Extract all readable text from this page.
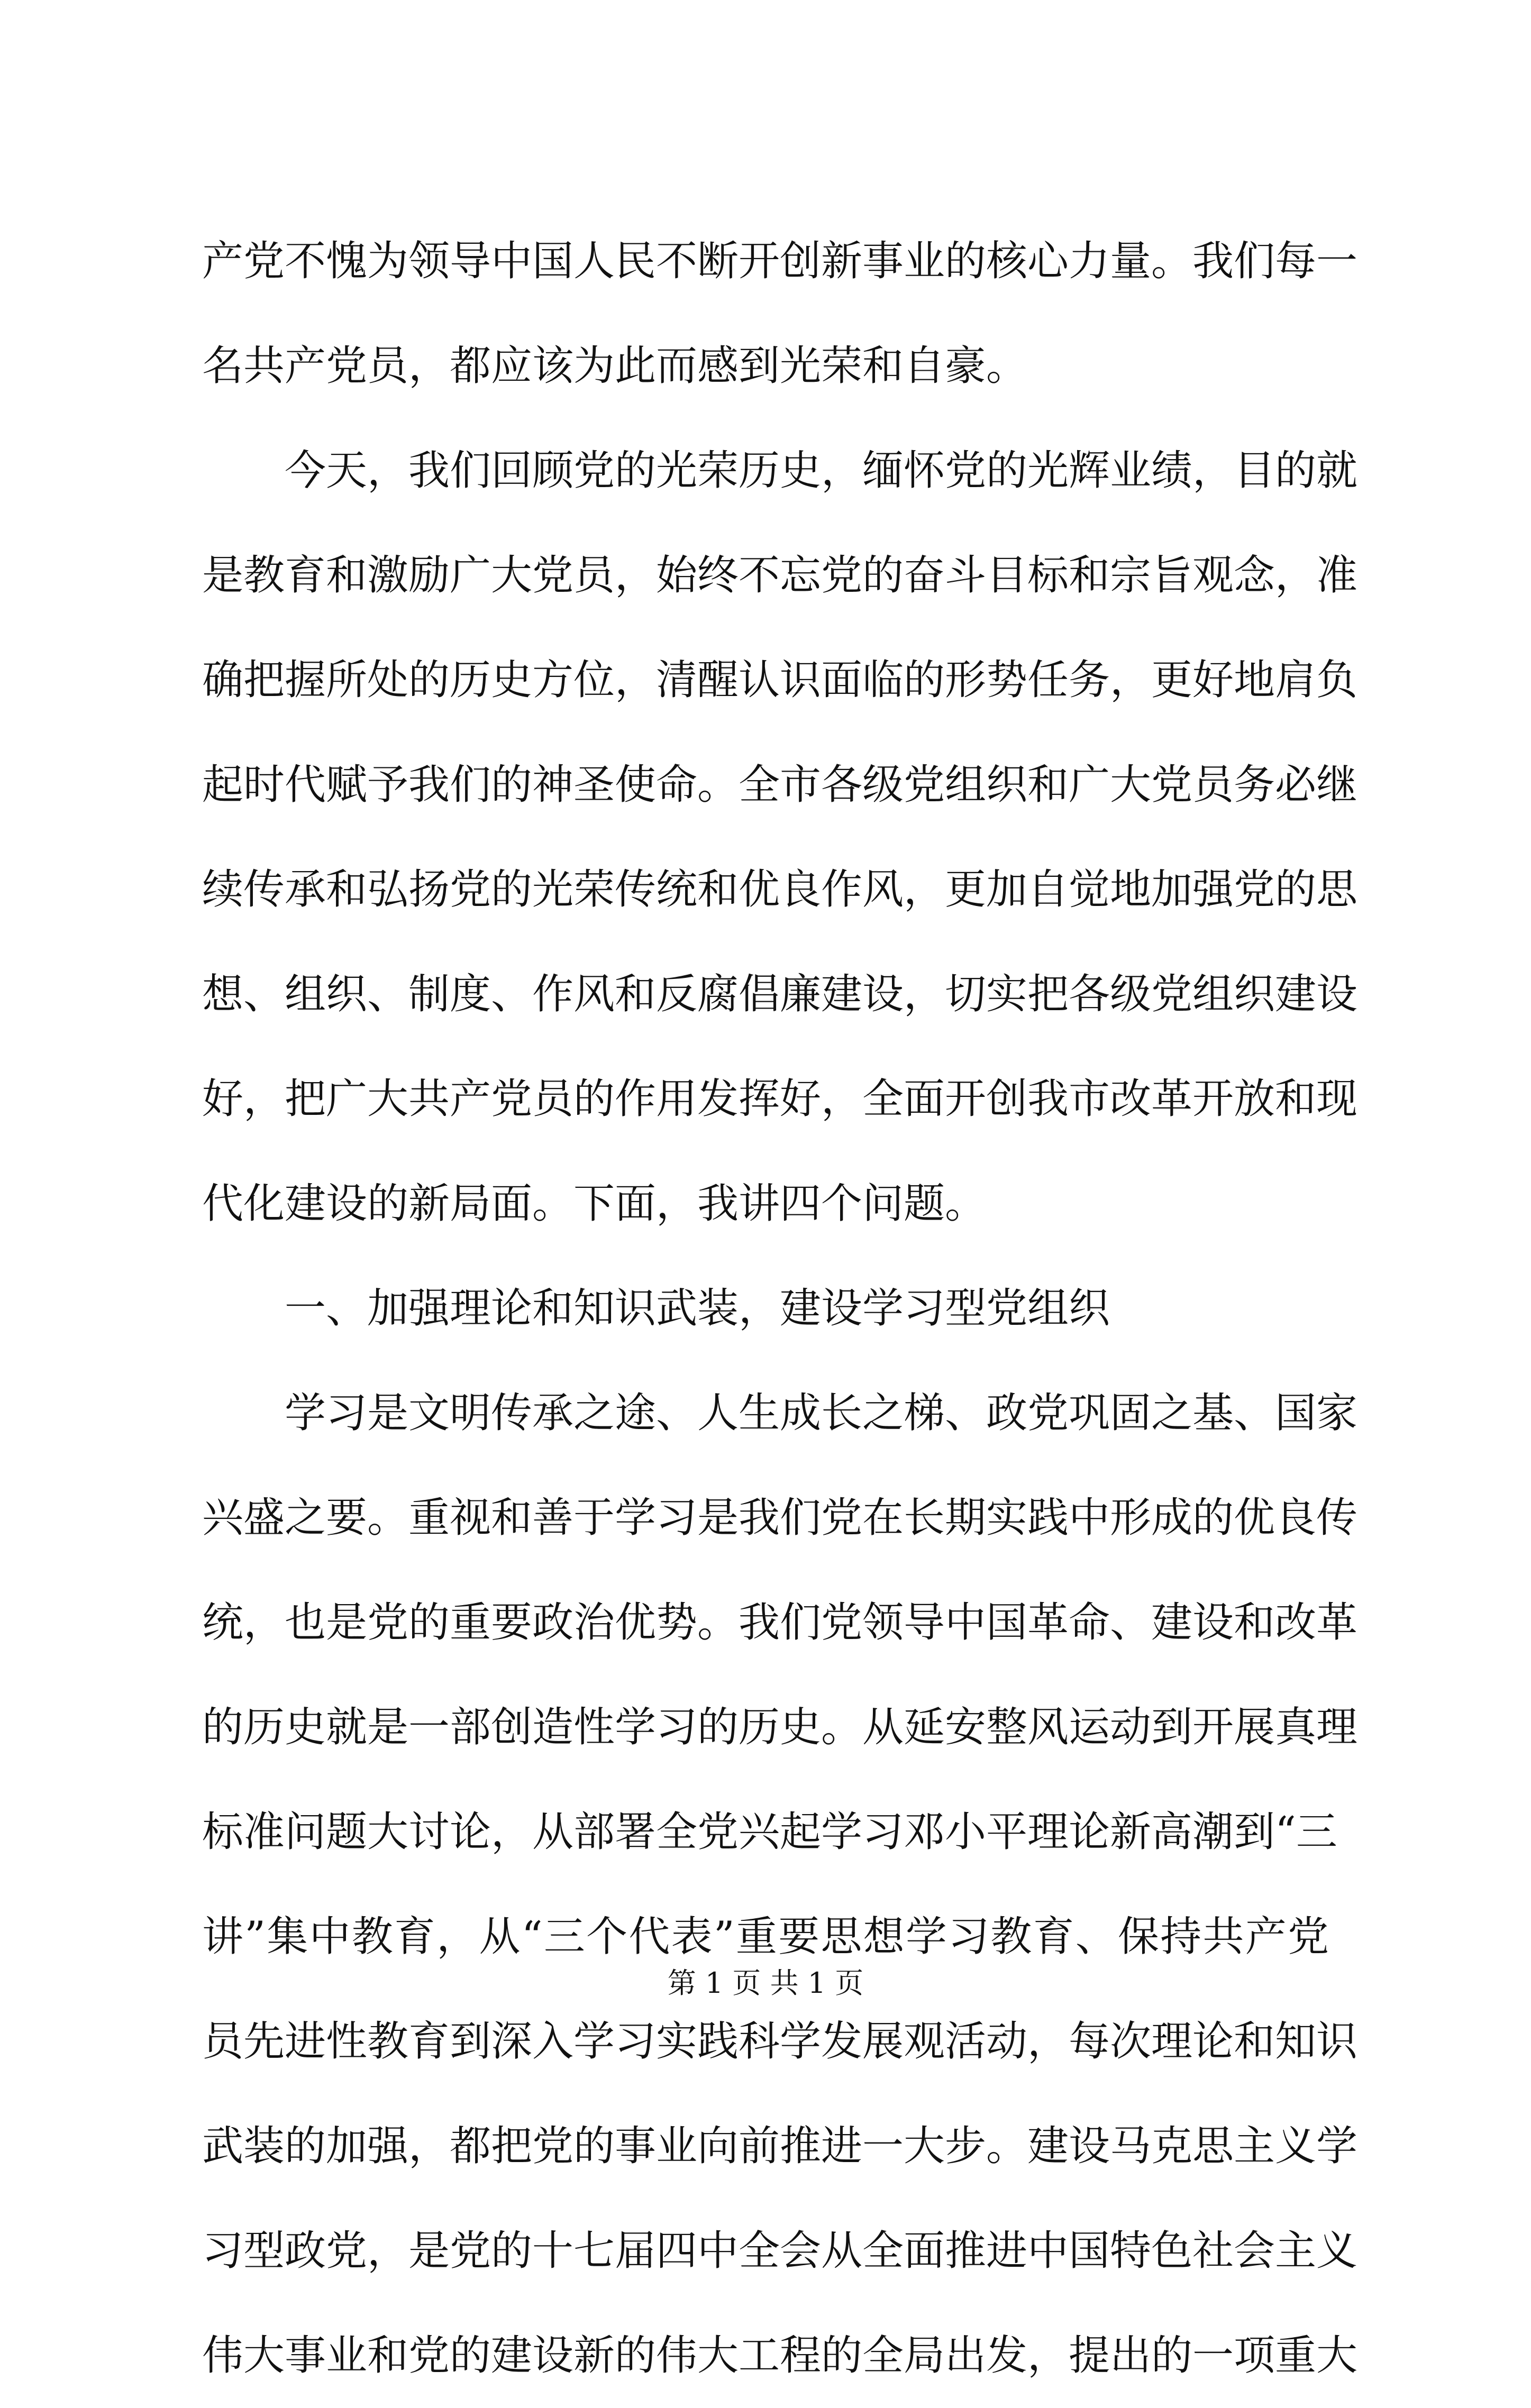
产党不愧为领导中国人民不断开创新事业的核心力量。我们每一
名共产党员，都应该为此而感到光荣和自豪。
　　今天，我们回顾党的光荣历史，缅怀党的光辉业绩，目的就
是教育和激励广大党员，始终不忘党的奋斗目标和宗旨观念，准
确把握所处的历史方位，清醒认识面临的形势任务，更好地肩负
起时代赋予我们的神圣使命。全市各级党组织和广大党员务必继
续传承和弘扬党的光荣传统和优良作风，更加自觉地加强党的思
想、组织、制度、作风和反腐倡廉建设，切实把各级党组织建设
好，把广大共产党员的作用发挥好，全面开创我市改革开放和现
代化建设的新局面。下面，我讲四个问题。
　　一、加强理论和知识武装，建设学习型党组织
　　学习是文明传承之途、人生成长之梯、政党巩固之基、国家
兴盛之要。重视和善于学习是我们党在长期实践中形成的优良传
统，也是党的重要政治优势。我们党领导中国革命、建设和改革
的历史就是一部创造性学习的历史。从延安整风运动到开展真理
标准问题大讨论，从部署全党兴起学习邓小平理论新高潮到“三
讲”集中教育，从“三个代表”重要思想学习教育、保持共产党
员先进性教育到深入学习实践科学发展观活动，每次理论和知识
武装的加强，都把党的事业向前推进一大步。建设马克思主义学
习型政党，是党的十七届四中全会从全面推进中国特色社会主义
伟大事业和党的建设新的伟大工程的全局出发，提出的一项重大
第 1 页 共 1 页
